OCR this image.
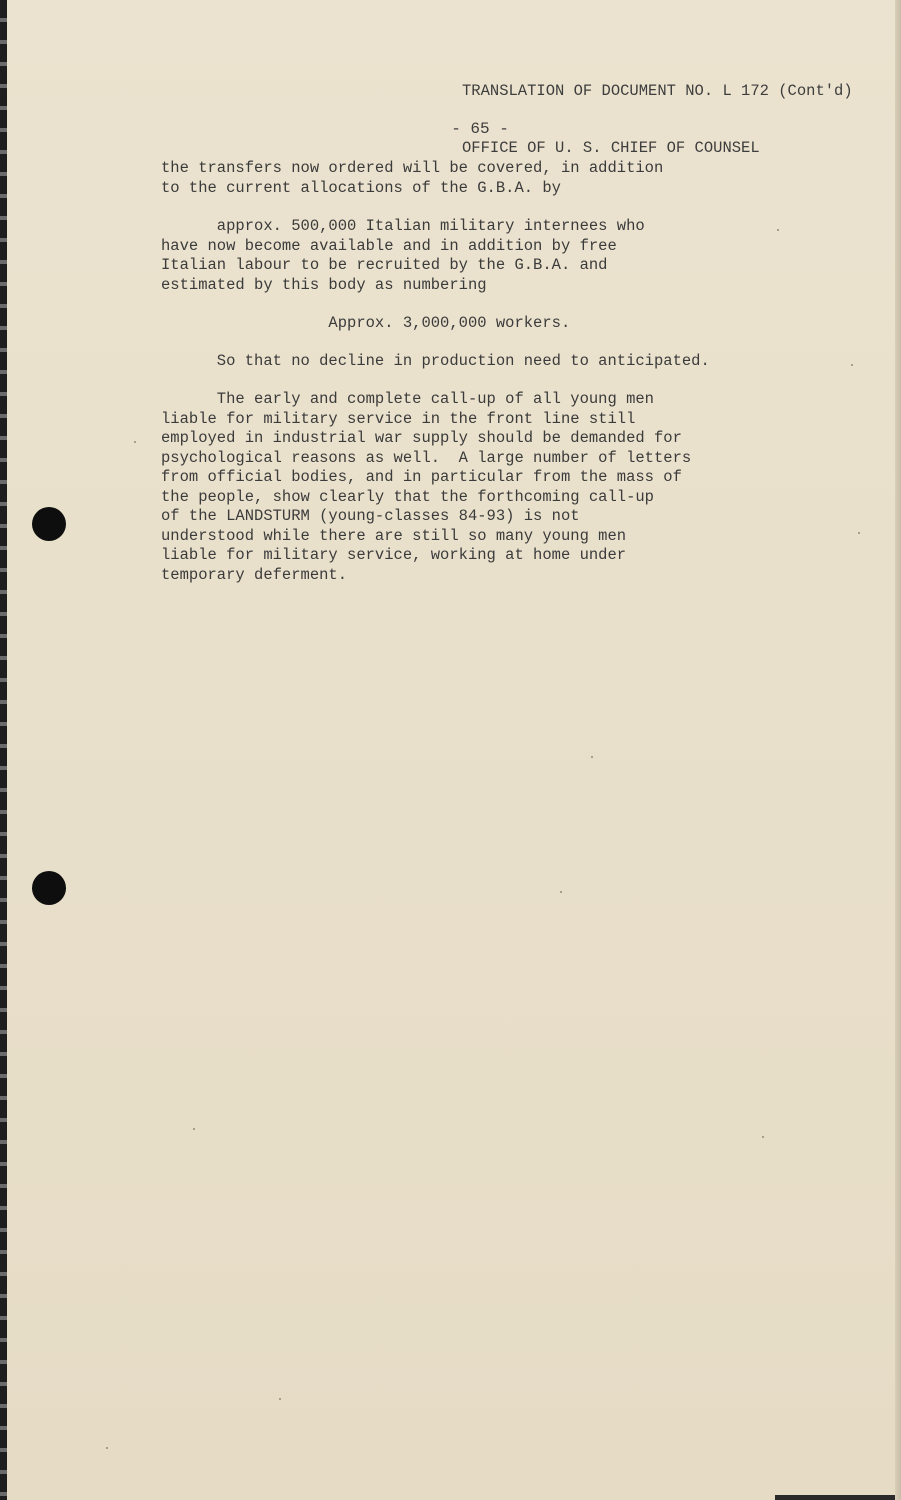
TRANSLATION OF DOCUMENT NO. L 172 (Cont'd)

OFFICE OF U. S. CHIEF OF COUNSEL

- 65 -
the transfers now ordered will be covered, in addition
to the current allocations of the G.B.A. by
approx. 500,000 Italian military internees who
have now become available and in addition by free
Italian labour to be recruited by the G.B.A. and
estimated by this body as numbering
Approx. 3,000,000 workers.
So that no decline in production need to anticipated.
The early and complete call-up of all young men
liable for military service in the front line still
employed in industrial war supply should be demanded for
psychological reasons as well.  A large number of letters
from official bodies, and in particular from the mass of
the people, show clearly that the forthcoming call-up
of the LANDSTURM (young-classes 84-93) is not
understood while there are still so many young men
liable for military service, working at home under
temporary deferment.
